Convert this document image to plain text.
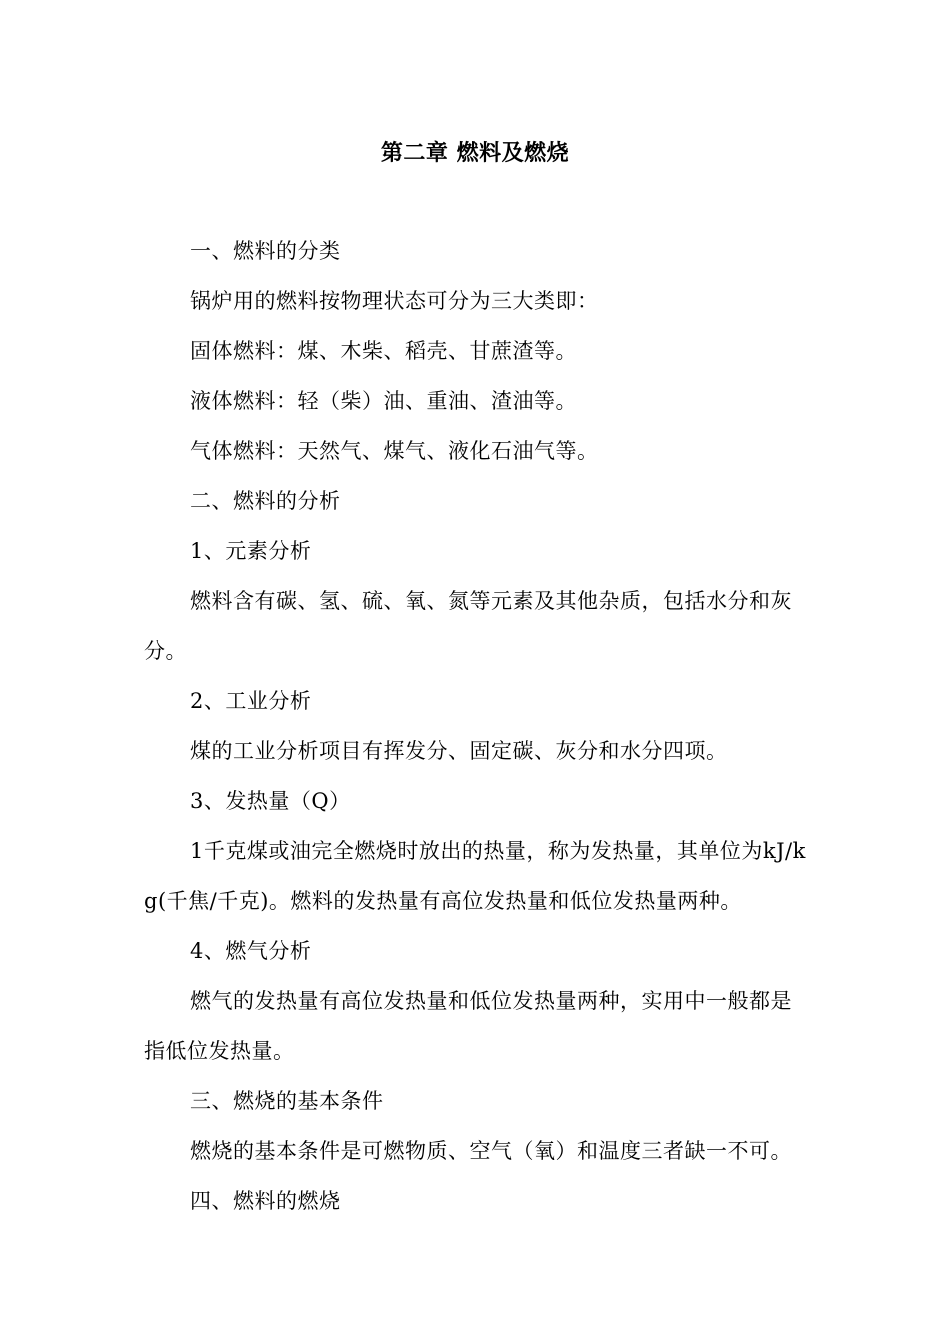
第二章 燃料及燃烧

一、燃料的分类

锅炉用的燃料按物理状态可分为三大类即：

固体燃料：煤、木柴、稻壳、甘蔗渣等。

液体燃料：轻（柴）油、重油、渣油等。

气体燃料：天然气、煤气、液化石油气等。

二、燃料的分析

1、元素分析

燃料含有碳、氢、硫、氧、氮等元素及其他杂质，包括水分和灰分。

2、工业分析

煤的工业分析项目有挥发分、固定碳、灰分和水分四项。

3、发热量（Q）

1千克煤或油完全燃烧时放出的热量，称为发热量，其单位为kJ/kg(千焦/千克)。燃料的发热量有高位发热量和低位发热量两种。

4、燃气分析

燃气的发热量有高位发热量和低位发热量两种，实用中一般都是指低位发热量。

三、燃烧的基本条件

燃烧的基本条件是可燃物质、空气（氧）和温度三者缺一不可。

四、燃料的燃烧
